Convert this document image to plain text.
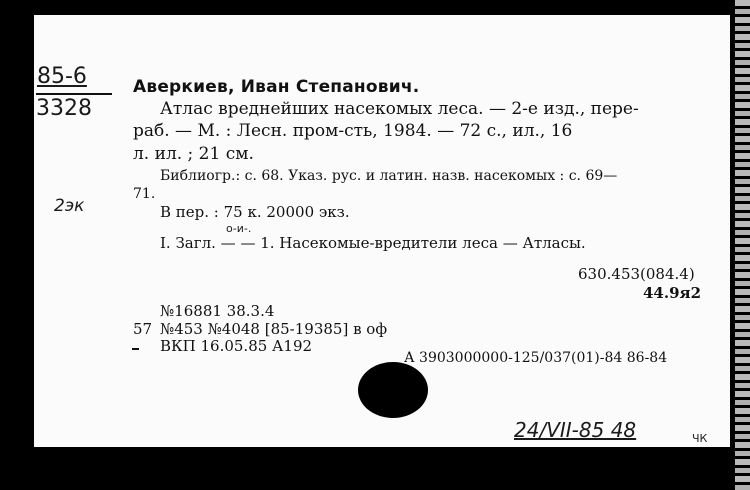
85-6
3328
2эк
Аверкиев, Иван Степанович.
Атлас вреднейших насекомых леса. — 2-е изд., пере-
раб. — М. : Лесн. пром-сть, 1984. — 72 с., ил., 16
л. ил. ; 21 см.
Библиогр.: с. 68. Указ. рус. и латин. назв. насекомых : с. 69—
71.
В пер. : 75 к. 20000 экз.
о-и-.
I. Загл. — — 1. Насекомые-вредители леса — Атласы.
630.453(084.4)
44.9я2
№16881 38.3.4
57 №453 №4048 [85-19385] в оф
ВКП 16.05.85 А192
А 3903000000-125/037(01)-84 86-84
24/VII-85 48	ЧК
